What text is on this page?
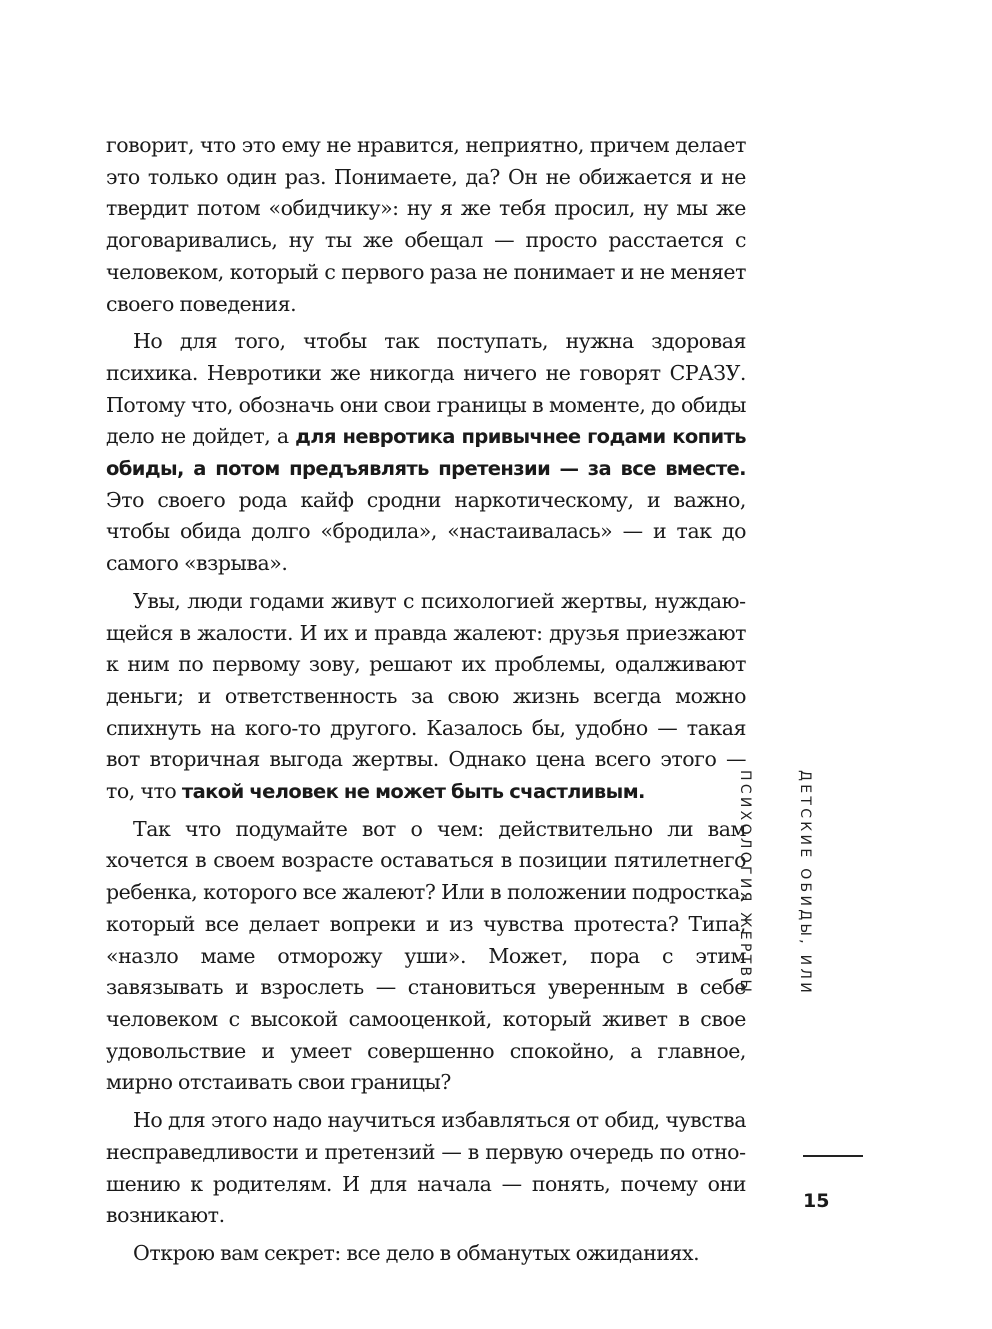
говорит, что это ему не нравится, неприятно, причем делает это только один раз. Понимаете, да? Он не обижается и не твердит потом «обидчику»: ну я же тебя просил, ну мы же договаривались, ну ты же обещал — просто расстается с человеком, который с первого раза не понимает и не меняет своего поведения.

Но для того, чтобы так поступать, нужна здоровая психика. Невротики же никогда ничего не говорят СРАЗУ. Потому что, обозначь они свои границы в моменте, до обиды дело не дойдет, а для невротика привычнее годами копить обиды, а потом предъявлять претензии — за все вместе. Это своего рода кайф сродни наркотическому, и важно, чтобы обида долго «бродила», «настаивалась» — и так до самого «взрыва».

Увы, люди годами живут с психологией жертвы, нуждающейся в жалости. И их и правда жалеют: друзья приезжают к ним по первому зову, решают их проблемы, одалживают деньги; и ответственность за свою жизнь всегда можно спихнуть на кого-то другого. Казалось бы, удобно — такая вот вторичная выгода жертвы. Однако цена всего этого — то, что такой человек не может быть счастливым.

Так что подумайте вот о чем: действительно ли вам хочется в своем возрасте оставаться в позиции пятилетнего ребенка, которого все жалеют? Или в положении подростка, который все делает вопреки и из чувства протеста? Типа, «назло маме отморожу уши». Может, пора с этим завязывать и взрослеть — становиться уверенным в себе человеком с высокой самооценкой, который живет в свое удовольствие и умеет совершенно спокойно, а главное, мирно отстаивать свои границы?

Но для этого надо научиться избавляться от обид, чувства несправедливости и претензий — в первую очередь по отношению к родителям. И для начала — понять, почему они возникают.

Открою вам секрет: все дело в обманутых ожиданиях.

ДЕТСКИЕ ОБИДЫ, ИЛИ ПСИХОЛОГИЯ ЖЕРТВЫ
15
